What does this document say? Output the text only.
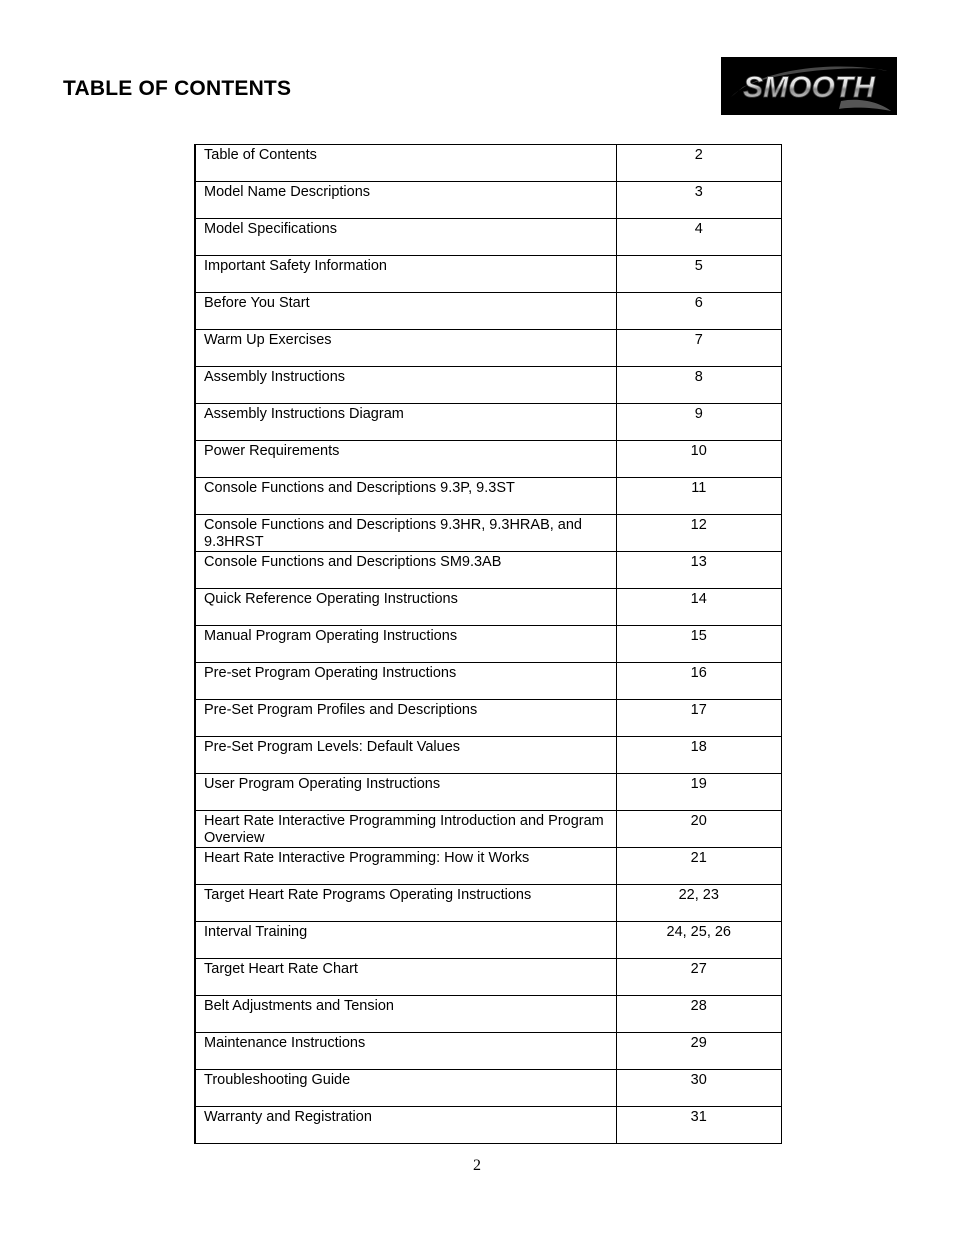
TABLE OF CONTENTS	SMOOTH
Table of Contents	2
Model Name Descriptions	3
Model Specifications	4
Important Safety Information	5
Before You Start	6
Warm Up Exercises	7
Assembly Instructions	8
Assembly Instructions Diagram	9
Power Requirements	10
Console Functions and Descriptions 9.3P, 9.3ST	11
Console Functions and Descriptions 9.3HR, 9.3HRAB, and 9.3HRST	12
Console Functions and Descriptions SM9.3AB	13
Quick Reference Operating Instructions	14
Manual Program Operating Instructions	15
Pre-set Program Operating Instructions	16
Pre-Set Program Profiles and Descriptions	17
Pre-Set Program Levels: Default Values	18
User Program Operating Instructions	19
Heart Rate Interactive Programming Introduction and Program Overview	20
Heart Rate Interactive Programming: How it Works	21
Target Heart Rate Programs Operating Instructions	22, 23
Interval Training	24, 25, 26
Target Heart Rate Chart	27
Belt Adjustments and Tension	28
Maintenance Instructions	29
Troubleshooting Guide	30
Warranty and Registration	31
2
